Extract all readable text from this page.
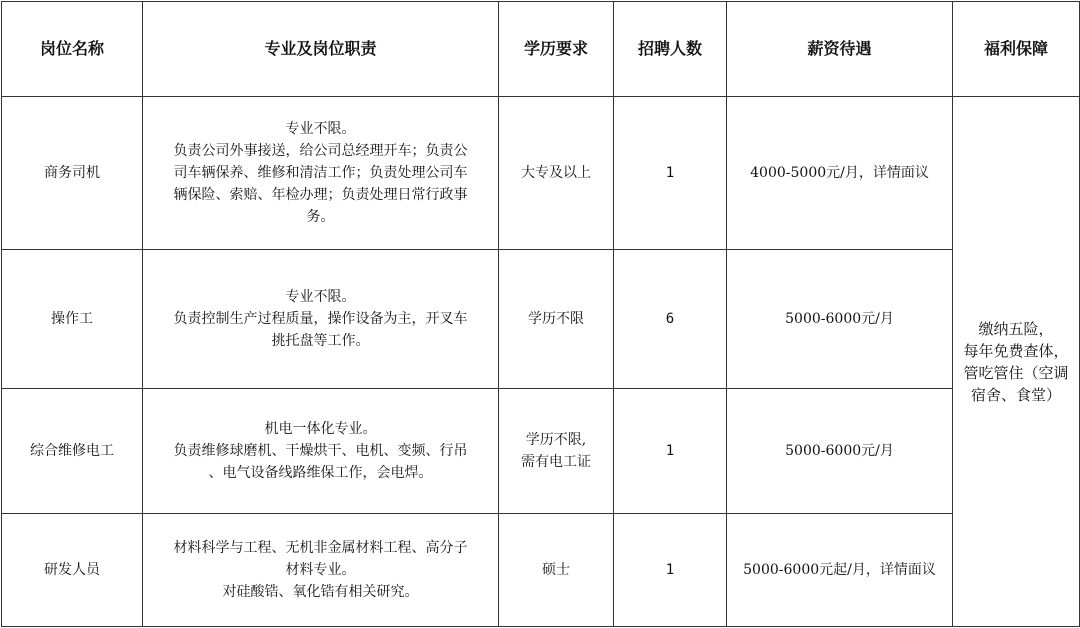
岗位名称	专业及岗位职责	学历要求	招聘人数	薪资待遇	福利保障

商务司机	专业不限。
负责公司外事接送，给公司总经理开车；负责公
司车辆保养、维修和清洁工作；负责处理公司车
辆保险、索赔、年检办理；负责处理日常行政事
务。	大专及以上	1	4000-5000元/月，详情面议	缴纳五险，
每年免费查体，
管吃管住（空调
宿舍、食堂）

操作工	专业不限。
负责控制生产过程质量，操作设备为主，开叉车
挑托盘等工作。	学历不限	6	5000-6000元/月	

综合维修电工	机电一体化专业。
负责维修球磨机、干燥烘干、电机、变频、行吊
、电气设备线路维保工作，会电焊。	学历不限,
需有电工证	1	5000-6000元/月	

研发人员	材料科学与工程、无机非金属材料工程、高分子
材料专业。
对硅酸锆、氧化锆有相关研究。	硕士	1	5000-6000元起/月，详情面议	
